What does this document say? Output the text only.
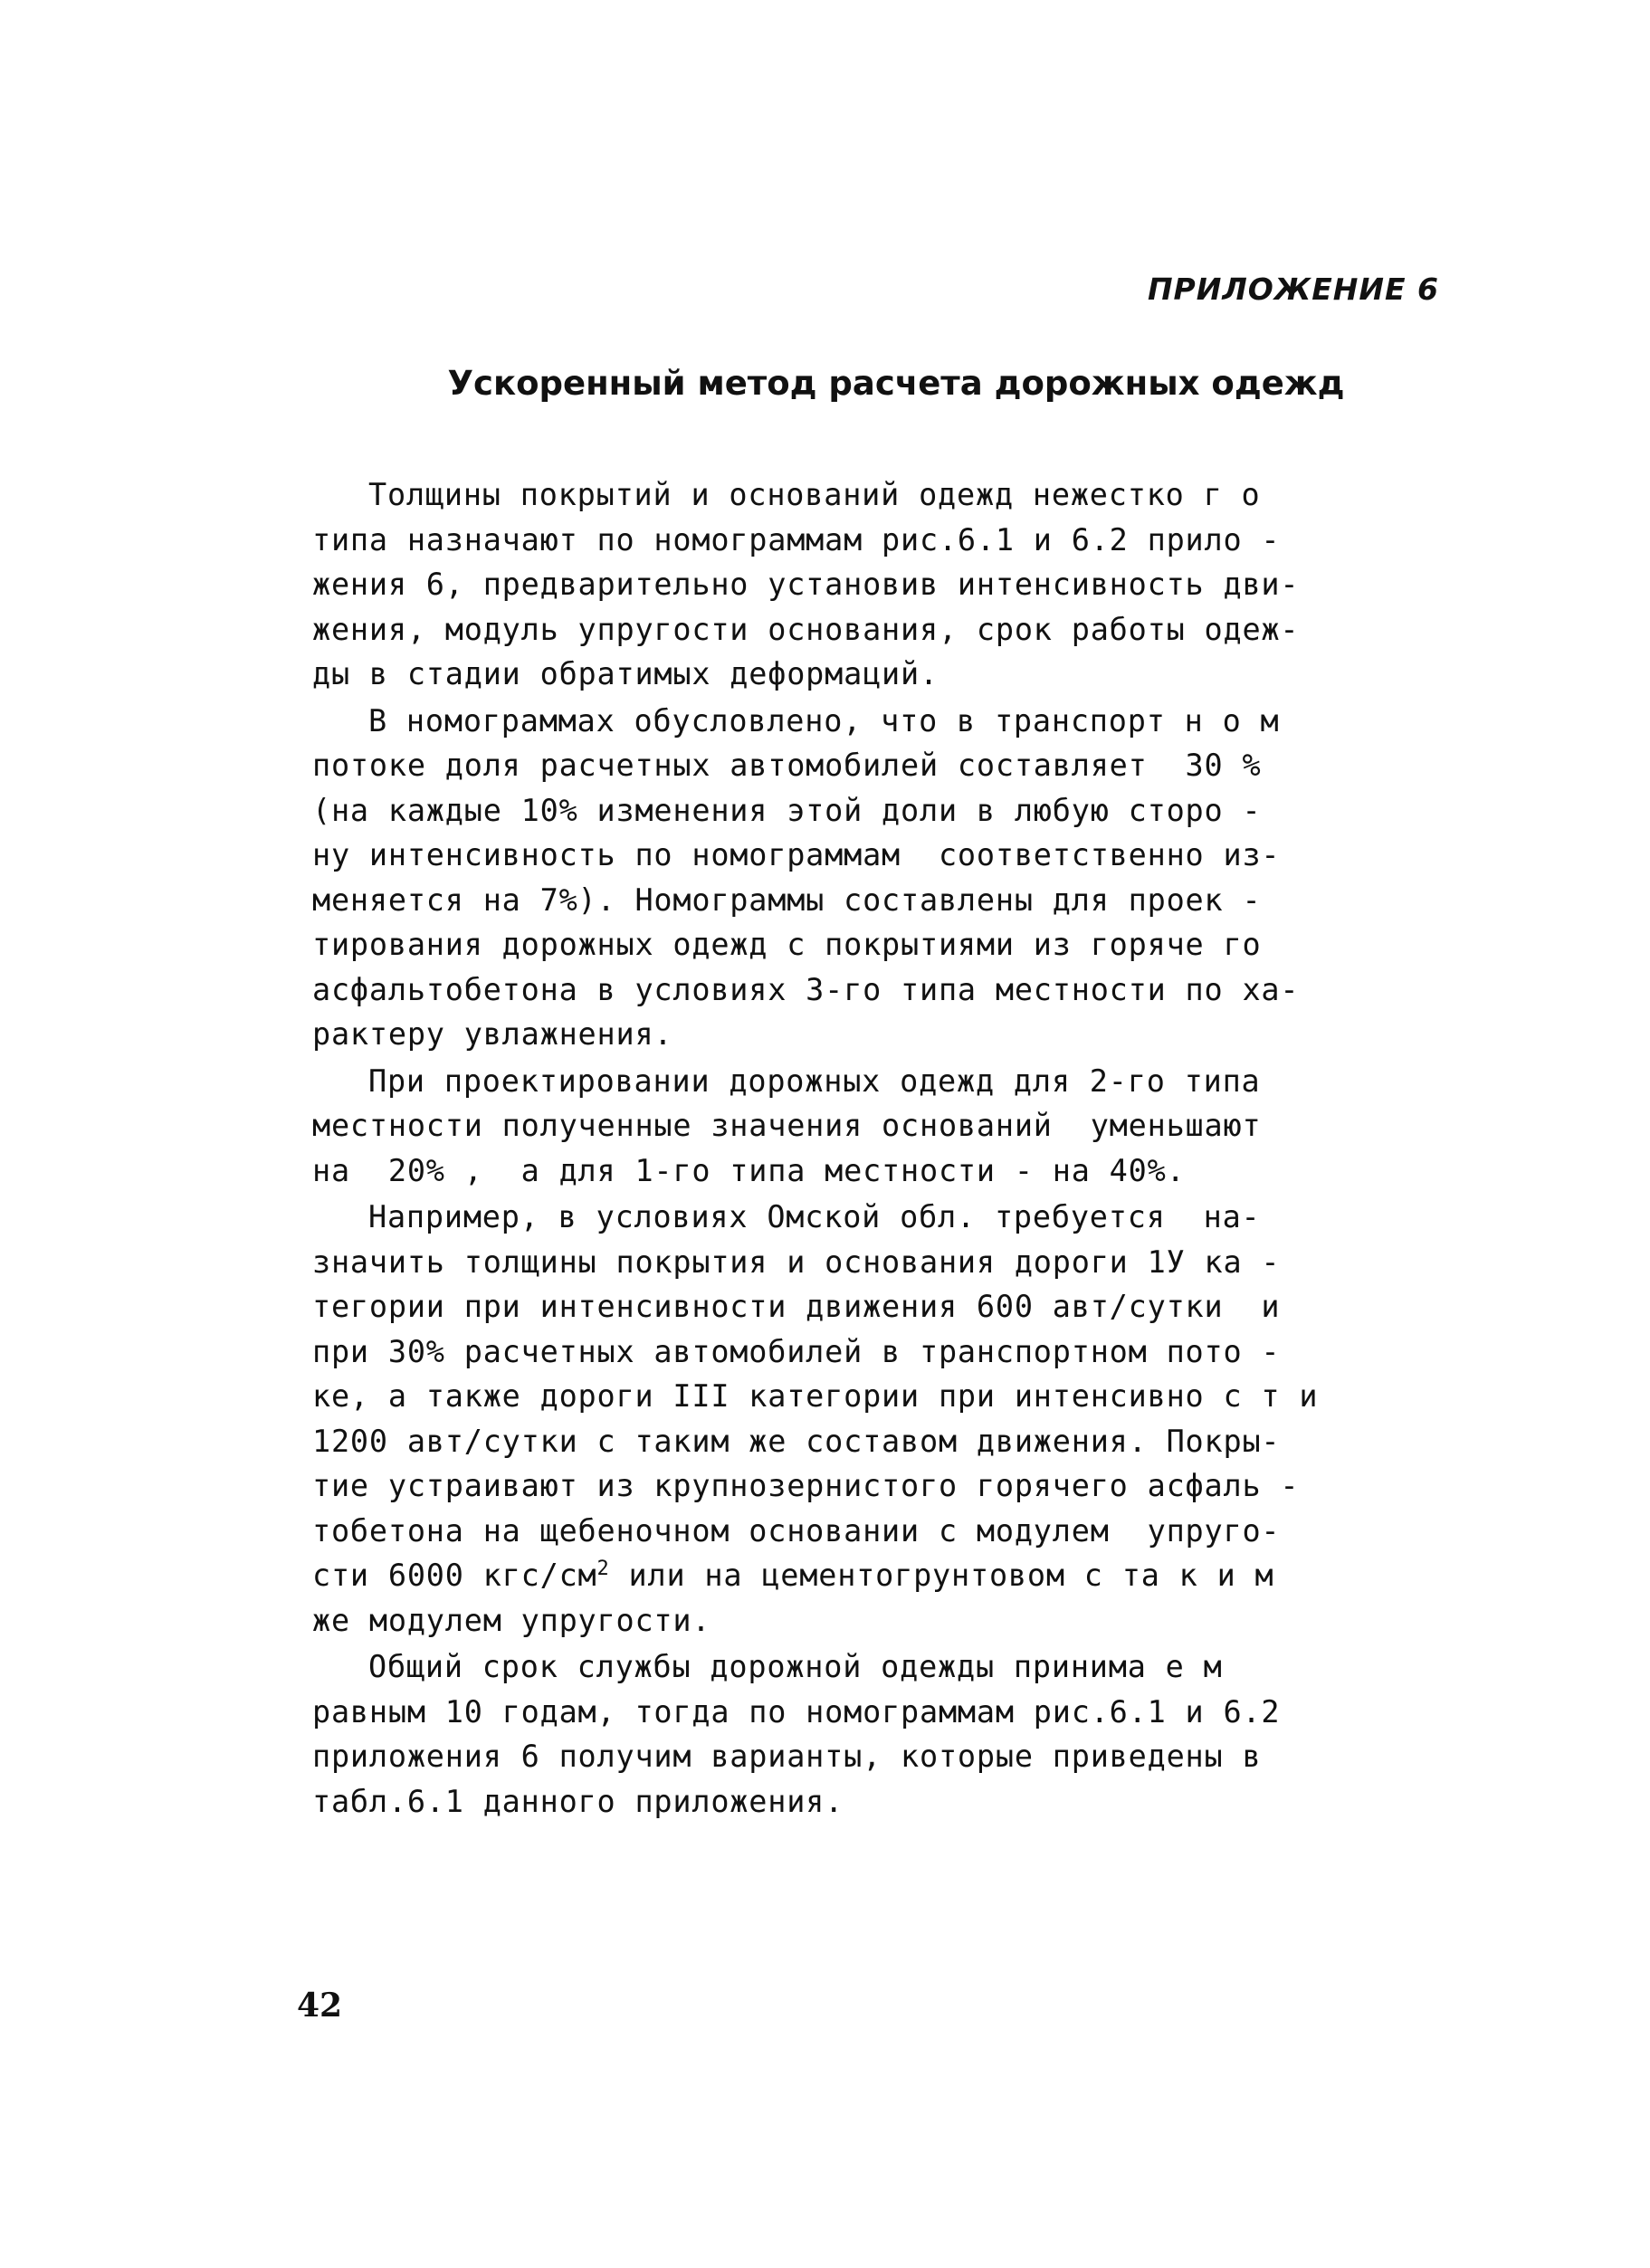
ПРИЛОЖЕНИЕ 6
Ускоренный метод расчета дорожных одежд
Толщины покрытий и оснований одежд нежестко г о
типа назначают по номограммам рис.6.1 и 6.2 прило -
жения 6, предварительно установив интенсивность дви-
жения, модуль упругости основания, срок работы одеж-
ды в стадии обратимых деформаций.
В номограммах обусловлено, что в транспорт н о м
потоке доля расчетных автомобилей составляет  30 %
(на каждые 10% изменения этой доли в любую сторо -
ну интенсивность по номограммам  соответственно из-
меняется на 7%). Номограммы составлены для проек -
тирования дорожных одежд с покрытиями из горяче го
асфальтобетона в условиях 3-го типа местности по ха-
рактеру увлажнения.
При проектировании дорожных одежд для 2-го типа
местности полученные значения оснований  уменьшают
на  20% ,  а для 1-го типа местности - на 40%.
Например, в условиях Омской обл. требуется  на-
значить толщины покрытия и основания дороги 1У ка -
тегории при интенсивности движения 600 авт/сутки  и
при 30% расчетных автомобилей в транспортном пото -
ке, а также дороги III категории при интенсивно с т и
1200 авт/сутки с таким же составом движения. Покры-
тие устраивают из крупнозернистого горячего асфаль -
тобетона на щебеночном основании с модулем  упруго-
сти 6000 кгс/$см^2$ или на цементогрунтовом с та к и м
же модулем упругости.
Общий срок службы дорожной одежды принима е м
равным 10 годам, тогда по номограммам рис.6.1 и 6.2
приложения 6 получим варианты, которые приведены в
табл.6.1 данного приложения.
42
